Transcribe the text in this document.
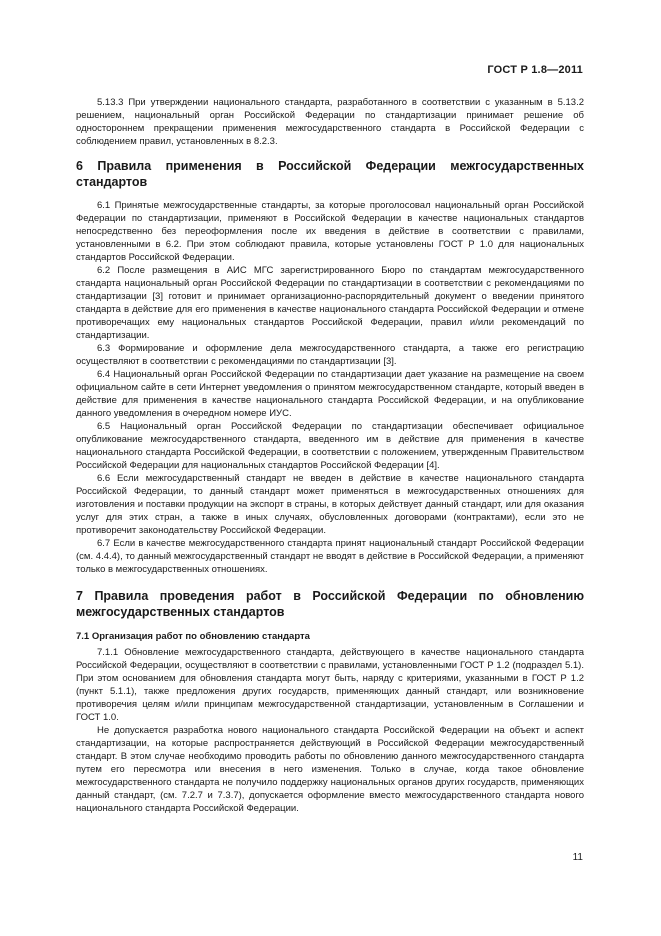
ГОСТ Р 1.8—2011

5.13.3 При утверждении национального стандарта, разработанного в соответствии с указанным в 5.13.2 решением, национальный орган Российской Федерации по стандартизации принимает решение об одностороннем прекращении применения межгосударственного стандарта в Российской Федерации с соблюдением правил, установленных в 8.2.3.

6 Правила применения в Российской Федерации межгосударственных стандартов

6.1 Принятые межгосударственные стандарты, за которые проголосовал национальный орган Российской Федерации по стандартизации, применяют в Российской Федерации в качестве национальных стандартов непосредственно без переоформления после их введения в действие в соответствии с правилами, установленными в 6.2. При этом соблюдают правила, которые установлены ГОСТ Р 1.0 для национальных стандартов Российской Федерации.

6.2 После размещения в АИС МГС зарегистрированного Бюро по стандартам межгосударственного стандарта национальный орган Российской Федерации по стандартизации в соответствии с рекомендациями по стандартизации [3] готовит и принимает организационно-распорядительный документ о введении принятого стандарта в действие для его применения в качестве национального стандарта Российской Федерации и отмене противоречащих ему национальных стандартов Российской Федерации, правил и/или рекомендаций по стандартизации.

6.3 Формирование и оформление дела межгосударственного стандарта, а также его регистрацию осуществляют в соответствии с рекомендациями по стандартизации [3].

6.4 Национальный орган Российской Федерации по стандартизации дает указание на размещение на своем официальном сайте в сети Интернет уведомления о принятом межгосударственном стандарте, который введен в действие для применения в качестве национального стандарта Российской Федерации, и на опубликование данного уведомления в очередном номере ИУС.

6.5 Национальный орган Российской Федерации по стандартизации обеспечивает официальное опубликование межгосударственного стандарта, введенного им в действие для применения в качестве национального стандарта Российской Федерации, в соответствии с положением, утвержденным Правительством Российской Федерации для национальных стандартов Российской Федерации [4].

6.6 Если межгосударственный стандарт не введен в действие в качестве национального стандарта Российской Федерации, то данный стандарт может применяться в межгосударственных отношениях для изготовления и поставки продукции на экспорт в страны, в которых действует данный стандарт, или для оказания услуг для этих стран, а также в иных случаях, обусловленных договорами (контрактами), если это не противоречит законодательству Российской Федерации.

6.7 Если в качестве межгосударственного стандарта принят национальный стандарт Российской Федерации (см. 4.4.4), то данный межгосударственный стандарт не вводят в действие в Российской Федерации, а применяют только в межгосударственных отношениях.

7 Правила проведения работ в Российской Федерации по обновлению межгосударственных стандартов
7.1 Организация работ по обновлению стандарта

7.1.1 Обновление межгосударственного стандарта, действующего в качестве национального стандарта Российской Федерации, осуществляют в соответствии с правилами, установленными ГОСТ Р 1.2 (подраздел 5.1). При этом основанием для обновления стандарта могут быть, наряду с критериями, указанными в ГОСТ Р 1.2 (пункт 5.1.1), также предложения других государств, применяющих данный стандарт, или возникновение противоречия целям и/или принципам межгосударственной стандартизации, установленным в Соглашении и ГОСТ 1.0.

Не допускается разработка нового национального стандарта Российской Федерации на объект и аспект стандартизации, на которые распространяется действующий в Российской Федерации межгосударственный стандарт. В этом случае необходимо проводить работы по обновлению данного межгосударственного стандарта путем его пересмотра или внесения в него изменения. Только в случае, когда такое обновление межгосударственного стандарта не получило поддержку национальных органов других государств, применяющих данный стандарт, (см. 7.2.7 и 7.3.7), допускается оформление вместо межгосударственного стандарта нового национального стандарта Российской Федерации.

11
